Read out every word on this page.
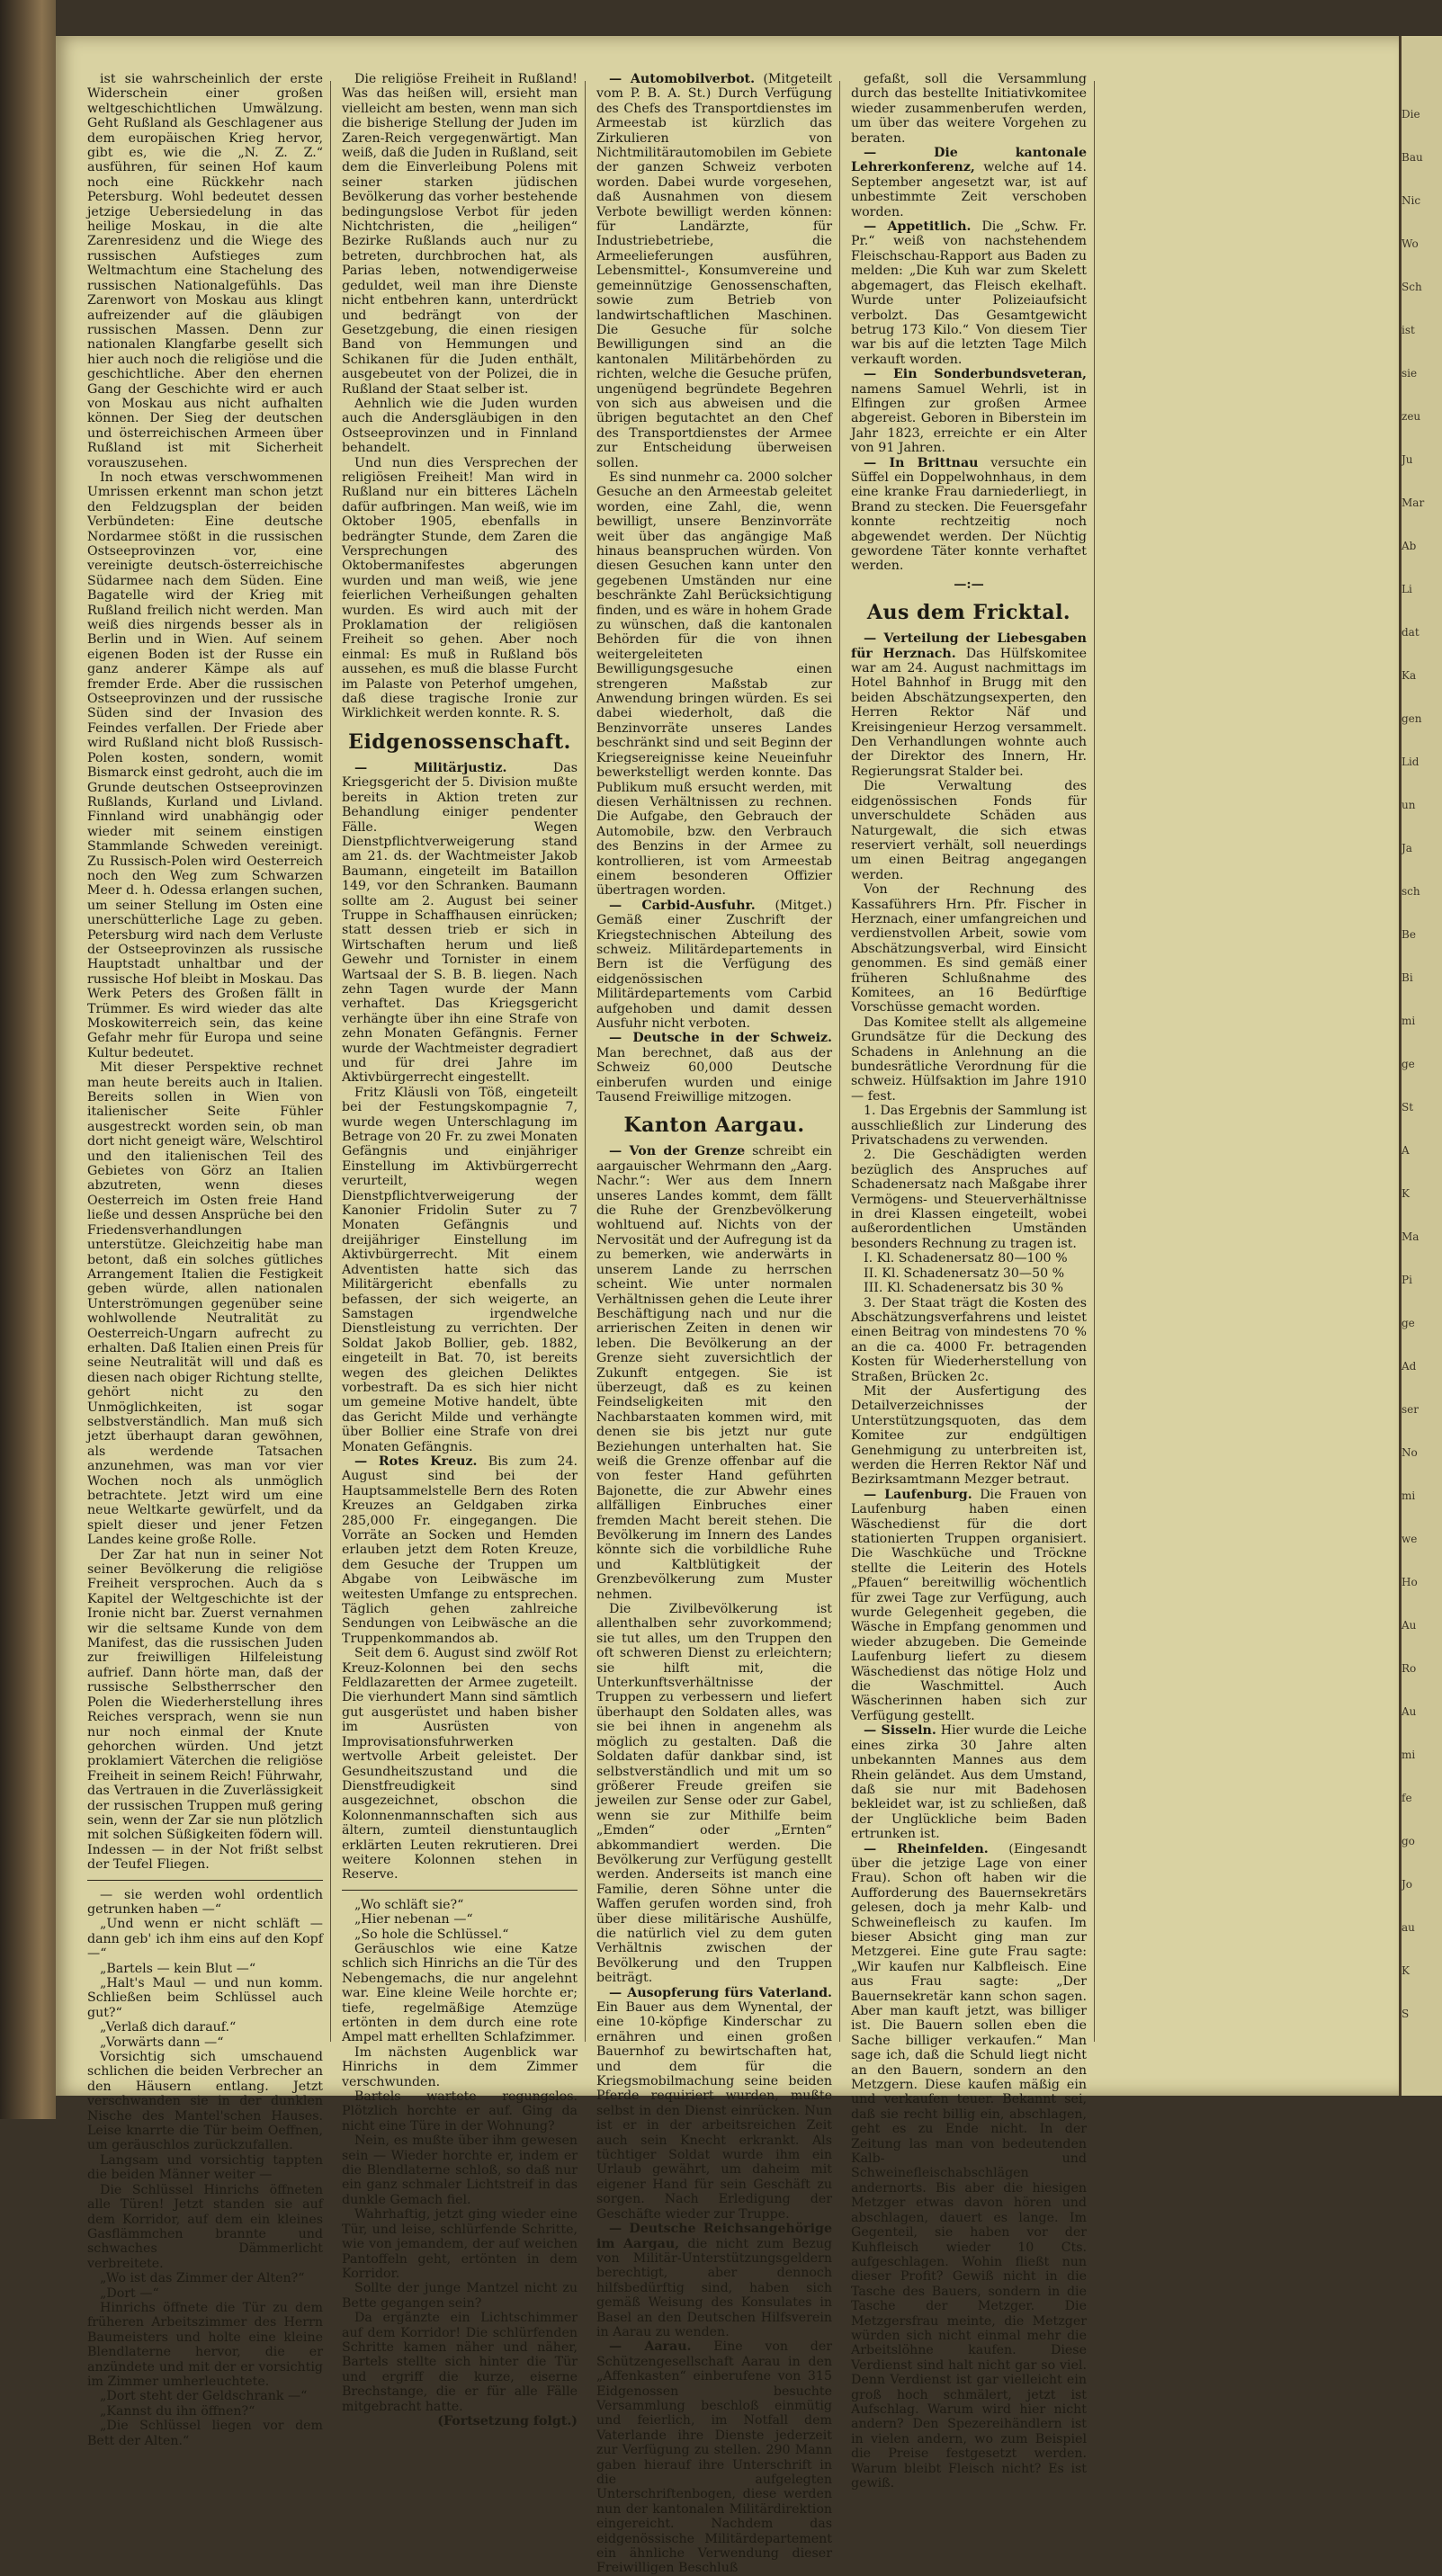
Die

Bau

Nic

Wo

Sch

ist

sie

zeu

Ju

Mar

Ab

Li

dat

Ka

gen

Lid

un

Ja

sch

Be

Bi

mi

ge

St

A

K

Ma

Pi

ge

Ad

ser

No

mi

we

Ho

Au

Ro

Au

mi

fe

go

Jo

au

K

S

ist sie wahrscheinlich der erste Widerschein einer großen weltgeschichtlichen Umwälzung. Geht Rußland als Geschlagener aus dem europäischen Krieg hervor, gibt es, wie die „N. Z. Z.“ ausführen, für seinen Hof kaum noch eine Rückkehr nach Petersburg. Wohl bedeutet dessen jetzige Uebersiedelung in das heilige Moskau, in die alte Zarenresidenz und die Wiege des russischen Aufstieges zum Weltmachtum eine Stachelung des russischen Nationalgefühls. Das Zarenwort von Moskau aus klingt aufreizender auf die gläubigen russischen Massen. Denn zur nationalen Klangfarbe gesellt sich hier auch noch die religiöse und die geschichtliche. Aber den ehernen Gang der Geschichte wird er auch von Moskau aus nicht aufhalten können. Der Sieg der deutschen und österreichischen Armeen über Rußland ist mit Sicherheit vorauszusehen.

In noch etwas verschwommenen Umrissen erkennt man schon jetzt den Feldzugsplan der beiden Verbündeten: Eine deutsche Nordarmee stößt in die russischen Ostseeprovinzen vor, eine vereinigte deutsch-österreichische Südarmee nach dem Süden. Eine Bagatelle wird der Krieg mit Rußland freilich nicht werden. Man weiß dies nirgends besser als in Berlin und in Wien. Auf seinem eigenen Boden ist der Russe ein ganz anderer Kämpe als auf fremder Erde. Aber die russischen Ostseeprovinzen und der russische Süden sind der Invasion des Feindes verfallen. Der Friede aber wird Rußland nicht bloß Russisch-Polen kosten, sondern, womit Bismarck einst gedroht, auch die im Grunde deutschen Ostseeprovinzen Rußlands, Kurland und Livland. Finnland wird unabhängig oder wieder mit seinem einstigen Stammlande Schweden vereinigt. Zu Russisch-Polen wird Oesterreich noch den Weg zum Schwarzen Meer d. h. Odessa erlangen suchen, um seiner Stellung im Osten eine unerschütterliche Lage zu geben. Petersburg wird nach dem Verluste der Ostseeprovinzen als russische Hauptstadt unhaltbar und der russische Hof bleibt in Moskau. Das Werk Peters des Großen fällt in Trümmer. Es wird wieder das alte Moskowiterreich sein, das keine Gefahr mehr für Europa und seine Kultur bedeutet.

Mit dieser Perspektive rechnet man heute bereits auch in Italien. Bereits sollen in Wien von italienischer Seite Fühler ausgestreckt worden sein, ob man dort nicht geneigt wäre, Welschtirol und den italienischen Teil des Gebietes von Görz an Italien abzutreten, wenn dieses Oesterreich im Osten freie Hand ließe und dessen Ansprüche bei den Friedensverhandlungen unterstütze. Gleichzeitig habe man betont, daß ein solches gütliches Arrangement Italien die Festigkeit geben würde, allen nationalen Unterströmungen gegenüber seine wohlwollende Neutralität zu Oesterreich-Ungarn aufrecht zu erhalten. Daß Italien einen Preis für seine Neutralität will und daß es diesen nach obiger Richtung stellte, gehört nicht zu den Unmöglichkeiten, ist sogar selbstverständlich. Man muß sich jetzt überhaupt daran gewöhnen, als werdende Tatsachen anzunehmen, was man vor vier Wochen noch als unmöglich betrachtete. Jetzt wird um eine neue Weltkarte gewürfelt, und da spielt dieser und jener Fetzen Landes keine große Rolle.

Der Zar hat nun in seiner Not seiner Bevölkerung die religiöse Freiheit versprochen. Auch da s Kapitel der Weltgeschichte ist der Ironie nicht bar. Zuerst vernahmen wir die seltsame Kunde von dem Manifest, das die russischen Juden zur freiwilligen Hilfeleistung aufrief. Dann hörte man, daß der russische Selbstherrscher den Polen die Wiederherstellung ihres Reiches versprach, wenn sie nun nur noch einmal der Knute gehorchen würden. Und jetzt proklamiert Väterchen die religiöse Freiheit in seinem Reich! Führwahr, das Vertrauen in die Zuverlässigkeit der russischen Truppen muß gering sein, wenn der Zar sie nun plötzlich mit solchen Süßigkeiten födern will. Indessen — in der Not frißt selbst der Teufel Fliegen.

— sie werden wohl ordentlich getrunken haben —“

„Und wenn er nicht schläft — dann geb' ich ihm eins auf den Kopf —“

„Bartels — kein Blut —“

„Halt's Maul — und nun komm. Schließen beim Schlüssel auch gut?“

„Verlaß dich darauf.“

„Vorwärts dann —“

Vorsichtig sich umschauend schlichen die beiden Verbrecher an den Häusern entlang. Jetzt verschwanden sie in der dunklen Nische des Mantel'schen Hauses. Leise knarrte die Tür beim Oeffnen, um geräuschlos zurückzufallen.

Langsam und vorsichtig tappten die beiden Männer weiter —

Die Schlüssel Hinrichs öffneten alle Türen! Jetzt standen sie auf dem Korridor, auf dem ein kleines Gasflämmchen brannte und schwaches Dämmerlicht verbreitete.

„Wo ist das Zimmer der Alten?“

„Dort —“

Hinrichs öffnete die Tür zu dem früheren Arbeitszimmer des Herrn Baumeisters und holte eine kleine Blendlaterne hervor, die er anzündete und mit der er vorsichtig im Zimmer umherleuchtete.

„Dort steht der Geldschrank —“

„Kannst du ihn öffnen?“

„Die Schlüssel liegen vor dem Bett der Alten.“

Die religiöse Freiheit in Rußland! Was das heißen will, ersieht man vielleicht am besten, wenn man sich die bisherige Stellung der Juden im Zaren-Reich vergegenwärtigt. Man weiß, daß die Juden in Rußland, seit dem die Einverleibung Polens mit seiner starken jüdischen Bevölkerung das vorher bestehende bedingungslose Verbot für jeden Nichtchristen, die „heiligen“ Bezirke Rußlands auch nur zu betreten, durchbrochen hat, als Parias leben, notwendigerweise geduldet, weil man ihre Dienste nicht entbehren kann, unterdrückt und bedrängt von der Gesetzgebung, die einen riesigen Band von Hemmungen und Schikanen für die Juden enthält, ausgebeutet von der Polizei, die in Rußland der Staat selber ist.

Aehnlich wie die Juden wurden auch die Andersgläubigen in den Ostseeprovinzen und in Finnland behandelt.

Und nun dies Versprechen der religiösen Freiheit! Man wird in Rußland nur ein bitteres Lächeln dafür aufbringen. Man weiß, wie im Oktober 1905, ebenfalls in bedrängter Stunde, dem Zaren die Versprechungen des Oktobermanifestes abgerungen wurden und man weiß, wie jene feierlichen Verheißungen gehalten wurden. Es wird auch mit der Proklamation der religiösen Freiheit so gehen. Aber noch einmal: Es muß in Rußland bös aussehen, es muß die blasse Furcht im Palaste von Peterhof umgehen, daß diese tragische Ironie zur Wirklichkeit werden konnte. R. S.

Eidgenossenschaft.

— Militärjustiz.	Das Kriegsgericht der 5. Division mußte bereits in Aktion treten zur Behandlung einiger pendenter Fälle. Wegen Dienstpflichtverweigerung stand am 21. ds. der Wachtmeister Jakob Baumann, eingeteilt im Bataillon 149, vor den Schranken. Baumann sollte am 2. August bei seiner Truppe in Schaffhausen einrücken; statt dessen trieb er sich in Wirtschaften herum und ließ Gewehr und Tornister in einem Wartsaal der S. B. B. liegen. Nach zehn Tagen wurde der Mann verhaftet. Das Kriegsgericht verhängte über ihn eine Strafe von zehn Monaten Gefängnis. Ferner wurde der Wachtmeister degradiert und für drei Jahre im Aktivbürgerrecht eingestellt.

Fritz Kläusli von Töß, eingeteilt bei der Festungskompagnie 7, wurde wegen Unterschlagung im Betrage von 20 Fr. zu zwei Monaten Gefängnis und einjähriger Einstellung im Aktivbürgerrecht verurteilt, wegen Dienstpflichtverweigerung der Kanonier Fridolin Suter zu 7 Monaten Gefängnis und dreijähriger Einstellung im Aktivbürgerrecht. Mit einem Adventisten hatte sich das Militärgericht ebenfalls zu befassen, der sich weigerte, an Samstagen irgendwelche Dienstleistung zu verrichten. Der Soldat Jakob Bollier, geb. 1882, eingeteilt in Bat. 70, ist bereits wegen des gleichen Deliktes vorbestraft. Da es sich hier nicht um gemeine Motive handelt, übte das Gericht Milde und verhängte über Bollier eine Strafe von drei Monaten Gefängnis.

— Rotes Kreuz. Bis zum 24. August sind bei der Hauptsammelstelle Bern des Roten Kreuzes an Geldgaben zirka 285,000 Fr. eingegangen. Die Vorräte an Socken und Hemden erlauben jetzt dem Roten Kreuze, dem Gesuche der Truppen um Abgabe von Leibwäsche im weitesten Umfange zu entsprechen. Täglich gehen zahlreiche Sendungen von Leibwäsche an die Truppenkommandos ab.

Seit dem 6. August sind zwölf Rot Kreuz-Kolonnen bei den sechs Feldlazaretten der Armee zugeteilt. Die vierhundert Mann sind sämtlich gut ausgerüstet und haben bisher im Ausrüsten von Improvisationsfuhrwerken wertvolle Arbeit geleistet. Der Gesundheitszustand und die Dienstfreudigkeit sind ausgezeichnet, obschon die Kolonnenmannschaften sich aus ältern, zumteil dienstuntauglich erklärten Leuten rekrutieren. Drei weitere Kolonnen stehen in Reserve.

„Wo schläft sie?“

„Hier nebenan —“

„So hole die Schlüssel.“

Geräuschlos wie eine Katze schlich sich Hinrichs an die Tür des Nebengemachs, die nur angelehnt war. Eine kleine Weile horchte er; tiefe, regelmäßige Atemzüge ertönten in dem durch eine rote Ampel matt erhellten Schlafzimmer.

Im nächsten Augenblick war Hinrichs in dem Zimmer verschwunden.

Bartels wartete regungslos. Plötzlich horchte er auf. Ging da nicht eine Türe in der Wohnung?

Nein, es mußte über ihm gewesen sein — Wieder horchte er, indem er die Blendlaterne schloß, so daß nur ein ganz schmaler Lichtstreif in das dunkle Gemach fiel.

Wahrhaftig, jetzt ging wieder eine Tür, und leise, schlürfende Schritte, wie von jemandem, der auf weichen Pantoffeln geht, ertönten in dem Korridor.

Sollte der junge Mantzel nicht zu Bette gegangen sein?

Da ergänzte ein Lichtschimmer auf dem Korridor! Die schlürfenden Schritte kamen näher und näher, Bartels stellte sich hinter die Tür und ergriff die kurze, eiserne Brechstange, die er für alle Fälle mitgebracht hatte.

(Fortsetzung folgt.)

— Automobilverbot. (Mitgeteilt vom P. B. A. St.) Durch Verfügung des Chefs des Transportdienstes im Armeestab ist kürzlich das Zirkulieren von Nichtmilitärautomobilen im Gebiete der ganzen Schweiz verboten worden. Dabei wurde vorgesehen, daß Ausnahmen von diesem Verbote bewilligt werden können: für Landärzte, für Industriebetriebe, die Armeelieferungen ausführen, Lebensmittel-, Konsumvereine und gemeinnützige Genossenschaften, sowie zum Betrieb von landwirtschaftlichen Maschinen. Die Gesuche für solche Bewilligungen sind an die kantonalen Militärbehörden zu richten, welche die Gesuche prüfen, ungenügend begründete Begehren von sich aus abweisen und die übrigen begutachtet an den Chef des Transportdienstes der Armee zur Entscheidung überweisen sollen.

Es sind nunmehr ca. 2000 solcher Gesuche an den Armeestab geleitet worden, eine Zahl, die, wenn bewilligt, unsere Benzinvorräte weit über das angängige Maß hinaus beanspruchen würden. Von diesen Gesuchen kann unter den gegebenen Umständen nur eine beschränkte Zahl Berücksichtigung finden, und es wäre in hohem Grade zu wünschen, daß die kantonalen Behörden für die von ihnen weitergeleiteten Bewilligungsgesuche einen strengeren Maßstab zur Anwendung bringen würden. Es sei dabei wiederholt, daß die Benzinvorräte unseres Landes beschränkt sind und seit Beginn der Kriegsereignisse keine Neueinfuhr bewerkstelligt werden konnte. Das Publikum muß ersucht werden, mit diesen Verhältnissen zu rechnen. Die Aufgabe, den Gebrauch der Automobile, bzw. den Verbrauch des Benzins in der Armee zu kontrollieren, ist vom Armeestab einem besonderen Offizier übertragen worden.

— Carbid-Ausfuhr. (Mitget.) Gemäß einer Zuschrift der Kriegstechnischen Abteilung des schweiz. Militärdepartements in Bern ist die Verfügung des eidgenössischen Militärdepartements vom Carbid aufgehoben und damit dessen Ausfuhr nicht verboten.

— Deutsche in der Schweiz. Man berechnet, daß aus der Schweiz 60,000 Deutsche einberufen wurden und einige Tausend Freiwillige mitzogen.

Kanton Aargau.

— Von der Grenze schreibt ein aargauischer Wehrmann den „Aarg. Nachr.“: Wer aus dem Innern unseres Landes kommt, dem fällt die Ruhe der Grenzbevölkerung wohltuend auf. Nichts von der Nervosität und der Aufregung ist da zu bemerken, wie anderwärts in unserem Lande zu herrschen scheint. Wie unter normalen Verhältnissen gehen die Leute ihrer Beschäftigung nach und nur die arrierischen Zeiten in denen wir leben. Die Bevölkerung an der Grenze sieht zuversichtlich der Zukunft entgegen. Sie ist überzeugt, daß es zu keinen Feindseligkeiten mit den Nachbarstaaten kommen wird, mit denen sie bis jetzt nur gute Beziehungen unterhalten hat. Sie weiß die Grenze offenbar auf die von fester Hand geführten Bajonette, die zur Abwehr eines allfälligen Einbruches einer fremden Macht bereit stehen. Die Bevölkerung im Innern des Landes könnte sich die vorbildliche Ruhe und Kaltblütigkeit der Grenzbevölkerung zum Muster nehmen.

Die Zivilbevölkerung ist allenthalben sehr zuvorkommend; sie tut alles, um den Truppen den oft schweren Dienst zu erleichtern; sie hilft mit, die Unterkunftsverhältnisse der Truppen zu verbessern und liefert überhaupt den Soldaten alles, was sie bei ihnen in angenehm als möglich zu gestalten. Daß die Soldaten dafür dankbar sind, ist selbstverständlich und mit um so größerer Freude greifen sie jeweilen zur Sense oder zur Gabel, wenn sie zur Mithilfe beim „Emden“ oder „Ernten“ abkommandiert werden. Die Bevölkerung zur Verfügung gestellt werden. Anderseits ist manch eine Familie, deren Söhne unter die Waffen gerufen worden sind, froh über diese militärische Aushülfe, die natürlich viel zu dem guten Verhältnis zwischen der Bevölkerung und den Truppen beiträgt.

— Ausopferung fürs Vaterland. Ein Bauer aus dem Wynental, der eine 10-köpfige Kinderschar zu ernähren und einen großen Bauernhof zu bewirtschaften hat, und dem für die Kriegsmobilmachung seine beiden Pferde requiriert wurden, mußte selbst in den Dienst einrücken. Nun ist er in der arbeitsreichen Zeit auch sein Knecht erkrankt. Als tüchtiger Soldat wurde ihm ein Urlaub gewährt, um daheim mit eigener Hand für sein Geschäft zu sorgen. Nach Erledigung der Geschäfte wieder zur Truppe.

— Deutsche Reichsangehörige im Aargau, die nicht zum Bezug von Militär-Unterstützungsgeldern berechtigt, aber dennoch hilfsbedürftig sind, haben sich gemäß Weisung des Konsulates in Basel an den Deutschen Hilfsverein in Aarau zu wenden.

— Aarau. Eine von der Schützengesellschaft Aarau in den „Affenkasten“ einberufene von 315 Eidgenossen besuchte Versammlung beschloß einmütig und feierlich, im Notfall dem Vaterlande ihre Dienste jederzeit zur Verfügung zu stellen. 290 Mann gaben hierauf ihre Unterschrift in die aufgelegten Unterschriftenbogen, diese werden nun der kantonalen Militärdirektion eingereicht. Nachdem das eidgenössische Militärdepartement ein ähnliche Verwendung dieser Freiwilligen Beschluß

gefaßt, soll die Versammlung durch das bestellte Initiativkomitee wieder zusammenberufen werden, um über das weitere Vorgehen zu beraten.

— Die kantonale Lehrerkonferenz, welche auf 14. September angesetzt war, ist auf unbestimmte Zeit verschoben worden.

— Appetitlich. Die „Schw. Fr. Pr.“ weiß von nachstehendem Fleischschau-Rapport aus Baden zu melden: „Die Kuh war zum Skelett abgemagert, das Fleisch ekelhaft. Wurde unter Polizeiaufsicht verbolzt. Das Gesamtgewicht betrug 173 Kilo.“ Von diesem Tier war bis auf die letzten Tage Milch verkauft worden.

— Ein Sonderbundsveteran, namens Samuel Wehrli, ist in Elfingen zur großen Armee abgereist. Geboren in Biberstein im Jahr 1823, erreichte er ein Alter von 91 Jahren.

— In Brittnau versuchte ein Süffel ein Doppelwohnhaus, in dem eine kranke Frau darniederliegt, in Brand zu stecken. Die Feuersgefahr konnte rechtzeitig noch abgewendet werden. Der Nüchtig gewordene Täter konnte verhaftet werden.

—:—

Aus dem Fricktal.

— Verteilung der Liebesgaben für Herznach. Das Hülfskomitee war am 24. August nachmittags im Hotel Bahnhof in Brugg mit den beiden Abschätzungsexperten, den Herren Rektor Näf und Kreisingenieur Herzog versammelt. Den Verhandlungen wohnte auch der Direktor des Innern, Hr. Regierungsrat Stalder bei.

Die Verwaltung des eidgenössischen Fonds für unverschuldete Schäden aus Naturgewalt, die sich etwas reserviert verhält, soll neuerdings um einen Beitrag angegangen werden.

Von der Rechnung des Kassaführers Hrn. Pfr. Fischer in Herznach, einer umfangreichen und verdienstvollen Arbeit, sowie vom Abschätzungsverbal, wird Einsicht genommen. Es sind gemäß einer früheren Schlußnahme des Komitees, an 16 Bedürftige Vorschüsse gemacht worden.

Das Komitee stellt als allgemeine Grundsätze für die Deckung des Schadens in Anlehnung an die bundesrätliche Verordnung für die schweiz. Hülfsaktion im Jahre 1910 — fest.

1. Das Ergebnis der Sammlung ist ausschließlich zur Linderung des Privatschadens zu verwenden.

2. Die Geschädigten werden bezüglich des Anspruches auf Schadenersatz nach Maßgabe ihrer Vermögens- und Steuerverhältnisse in drei Klassen eingeteilt, wobei außerordentlichen Umständen besonders Rechnung zu tragen ist.

I. Kl. Schadenersatz 80—100 %

II. Kl. Schadenersatz 30—50 %

III. Kl. Schadenersatz bis 30 %

3. Der Staat trägt die Kosten des Abschätzungsverfahrens und leistet einen Beitrag von mindestens 70 % an die ca. 4000 Fr. betragenden Kosten für Wiederherstellung von Straßen, Brücken 2c.

Mit der Ausfertigung des Detailverzeichnisses der Unterstützungsquoten, das dem Komitee zur endgültigen Genehmigung zu unterbreiten ist, werden die Herren Rektor Näf und Bezirksamtmann Mezger betraut.

— Laufenburg. Die Frauen von Laufenburg haben einen Wäschedienst für die dort stationierten Truppen organisiert. Die Waschküche und Tröckne stellte die Leiterin des Hotels „Pfauen“ bereitwillig wöchentlich für zwei Tage zur Verfügung, auch wurde Gelegenheit gegeben, die Wäsche in Empfang genommen und wieder abzugeben. Die Gemeinde Laufenburg liefert zu diesem Wäschedienst das nötige Holz und die Waschmittel. Auch Wäscherinnen haben sich zur Verfügung gestellt.

— Sisseln. Hier wurde die Leiche eines zirka 30 Jahre alten unbekannten Mannes aus dem Rhein geländet. Aus dem Umstand, daß sie nur mit Badehosen bekleidet war, ist zu schließen, daß der Unglückliche beim Baden ertrunken ist.

— Rheinfelden. (Eingesandt über die jetzige Lage von einer Frau). Schon oft haben wir die Aufforderung des Bauernsekretärs gelesen, doch ja mehr Kalb- und Schweinefleisch zu kaufen. Im bieser Absicht ging man zur Metzgerei. Eine gute Frau sagte: „Wir kaufen nur Kalbfleisch. Eine aus Frau sagte: „Der Bauernsekretär kann schon sagen. Aber man kauft jetzt, was billiger ist. Die Bauern sollen eben die Sache billiger verkaufen.“ Man sage ich, daß die Schuld liegt nicht an den Bauern, sondern an den Metzgern. Diese kaufen mäßig ein und verkaufen teuer. Bekannt sei, daß sie recht billig ein, abschlagen, geht es zu Ende nicht. In der Zeitung las man von bedeutenden Kalb- und Schweinefleischabschlägen andernorts. Bis aber die hiesigen Metzger etwas davon hören und abschlagen, dauert es lange. Im Gegenteil, sie haben vor der Kuhfleisch wieder 10 Cts. aufgeschlagen. Wohin fließt nun dieser Profit? Gewiß nicht in die Tasche des Bauers, sondern in die Tasche der Metzger. Die Metzgersfrau meinte, die Metzger würden sich nicht einmal mehr die Arbeitslöhne kaufen. Diese Verdienst sind halt nicht gar so viel. Denn Verdienst ist gar vielleicht ein groß hoch schmälert, jetzt ist Aufschlag. Warum wird hier nicht andern? Den Spezereihändlern ist in vielen andern, wo zum Beispiel die Preise festgesetzt werden. Warum bleibt Fleisch nicht? Es ist gewiß.
